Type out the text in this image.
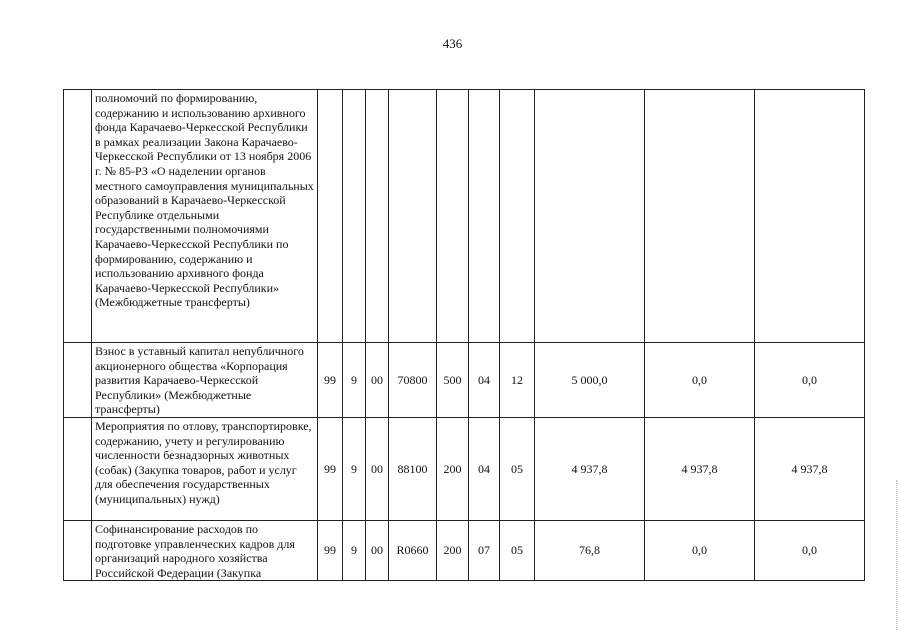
436
	полномочий по формированию, содержанию и использованию архивного фонда Карачаево-Черкесской Республики в рамках реализации Закона Карачаево-Черкесской Республики от 13 ноября 2006 г. № 85-РЗ «О наделении органов местного самоуправления муниципальных образований в Карачаево-Черкесской Республике отдельными государственными полномочиями Карачаево-Черкесской Республики по формированию, содержанию и использованию архивного фонда Карачаево-Черкесской Республики» (Межбюджетные трансферты)										
	Взнос в уставный капитал непубличного акционерного общества «Корпорация развития Карачаево-Черкесской Республики» (Межбюджетные трансферты)	99	9	00	70800	500	04	12	5 000,0	0,0	0,0
	Мероприятия по отлову, транспортировке, содержанию, учету и регулированию численности безнадзорных животных (собак) (Закупка товаров, работ и услуг для обеспечения государственных (муниципальных) нужд)	99	9	00	88100	200	04	05	4 937,8	4 937,8	4 937,8
	Софинансирование расходов по подготовке управленческих кадров для организаций народного хозяйства Российской Федерации (Закупка	99	9	00	R0660	200	07	05	76,8	0,0	0,0
